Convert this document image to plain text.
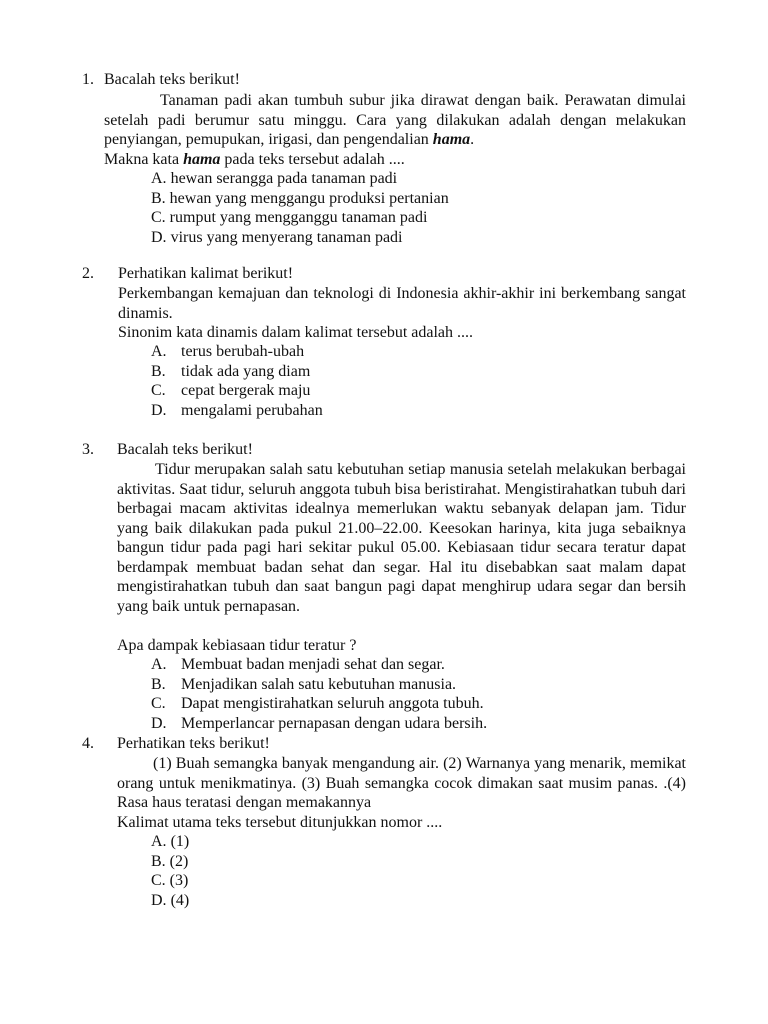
1. Bacalah teks berikut!
Tanaman padi akan tumbuh subur jika dirawat dengan baik. Perawatan dimulai setelah padi berumur satu minggu. Cara yang dilakukan adalah dengan melakukan penyiangan, pemupukan, irigasi, dan pengendalian hama.
Makna kata hama pada teks tersebut adalah ....
A. hewan serangga pada tanaman padi
B. hewan yang menggangu produksi pertanian
C. rumput yang mengganggu tanaman padi
D. virus yang menyerang tanaman padi
2. Perhatikan kalimat berikut!
Perkembangan kemajuan dan teknologi di Indonesia akhir-akhir ini berkembang sangat dinamis.
Sinonim kata dinamis dalam kalimat tersebut adalah ....
A. terus berubah-ubah
B. tidak ada yang diam
C. cepat bergerak maju
D. mengalami perubahan
3. Bacalah teks berikut!
Tidur merupakan salah satu kebutuhan setiap manusia setelah melakukan berbagai aktivitas. Saat tidur, seluruh anggota tubuh bisa beristirahat. Mengistirahatkan tubuh dari berbagai macam aktivitas idealnya memerlukan waktu sebanyak delapan jam. Tidur yang baik dilakukan pada pukul 21.00–22.00. Keesokan harinya, kita juga sebaiknya bangun tidur pada pagi hari sekitar pukul 05.00. Kebiasaan tidur secara teratur dapat berdampak membuat badan sehat dan segar. Hal itu disebabkan saat malam dapat mengistirahatkan tubuh dan saat bangun pagi dapat menghirup udara segar dan bersih yang baik untuk pernapasan.
Apa dampak kebiasaan tidur teratur ?
A. Membuat badan menjadi sehat dan segar.
B. Menjadikan salah satu kebutuhan manusia.
C. Dapat mengistirahatkan seluruh anggota tubuh.
D. Memperlancar pernapasan dengan udara bersih.
4. Perhatikan teks berikut!
(1) Buah semangka banyak mengandung air. (2) Warnanya yang menarik, memikat orang untuk menikmatinya. (3) Buah semangka cocok dimakan saat musim panas. .(4) Rasa haus teratasi dengan memakannya
Kalimat utama teks tersebut ditunjukkan nomor ....
A. (1)
B. (2)
C. (3)
D. (4)
